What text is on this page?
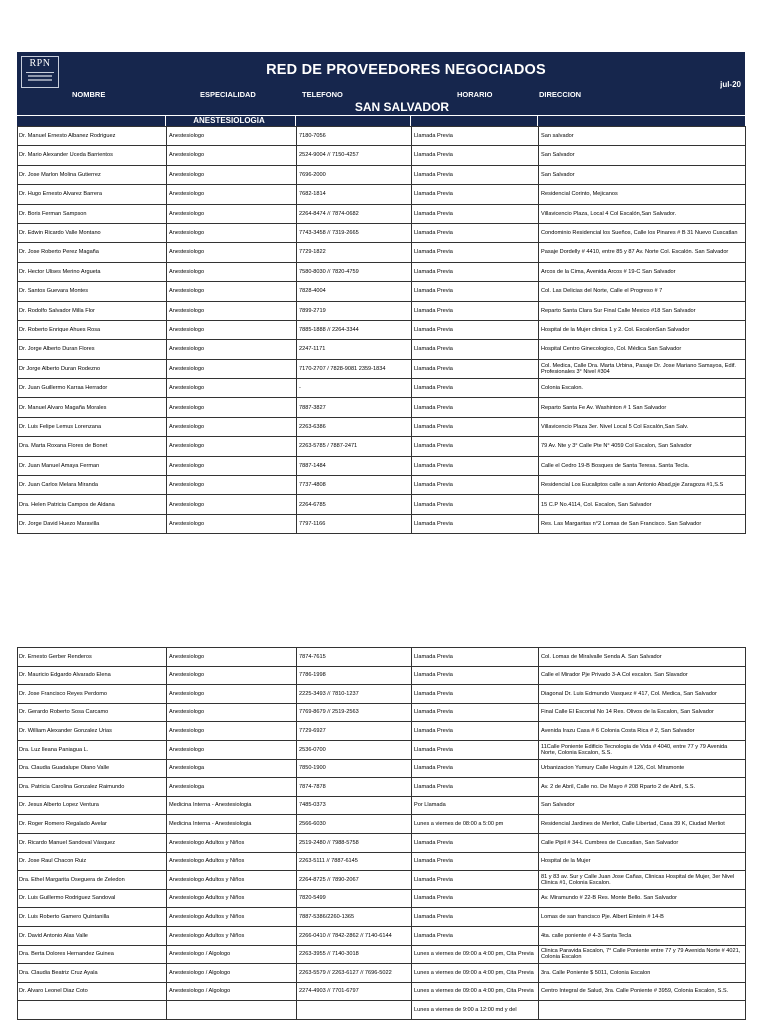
RPN	RED DE PROVEEDORES NEGOCIADOS
jul-20
NOMBRE	ESPECIALIDAD	TELEFONO	HORARIO	DIRECCION
SAN SALVADOR
ANESTESIOLOGIA
Dr. Manuel Ernesto Albanez Rodriguez	Anestesiologo	7180-7056	Llamada Previa	San salvador
Dr. Mario Alexander Uceda Barrientos	Anestesiologo	2524-9004 // 7150-4257	Llamada Previa	San Salvador
Dr. Jose Marlon Molina Gutierrez	Anestesiologo	7696-2000	Llamada Previa	San Salvador
Dr. Hugo Ernesto Alvarez Barrera	Anestesiologo	7682-1814	Llamada Previa	Residencial Corinto, Mejicanos
Dr. Boris Ferman Sampson	Anestesiologo	2264-8474 // 7874-0682	Llamada Previa	Villavicencio Plaza, Local 4 Col Escalón,San Salvador.
Dr. Edwin Ricardo Valle Montano	Anestesiologo	7743-3458 // 7319-2665	Llamada Previa	Condominio Residencial los Sueños, Calle los Pinares # B 31 Nuevo Cuscatlan
Dr. Jose Roberto Perez Magaña	Anestesiologo	7729-1822	Llamada Previa	Pasaje Dordelly # 4410, entre 85 y 87 Av. Norte Col. Escalón. San Salvador
Dr. Hector Ulises Merino Argueta	Anestesiologo	7580-8030 // 7820-4759	Llamada Previa	Arcos de la Cima, Avenida Arcos # 19-C San Salvador
Dr. Santos Guevara Montes	Anestesiologo	7828-4004	Llamada Previa	Col. Las Delicias del Norte, Calle el Progreso # 7
Dr. Rodolfo Salvador Milla Flor	Anestesiologo	7899-2719	Llamada Previa	Reparto Santa Clara Sur Final Calle Mexico #18 San Salvador
Dr. Roberto Enrique Ahues Rosa	Anestesiologo	7885-1888 // 2264-3344	Llamada Previa	Hospital de la Mujer clinica 1 y 2. Col. EscalonSan Salvador
Dr. Jorge Alberto Duran Flores	Anestesiologo	2247-1171	Llamada Previa	Hospital Centro Ginecologico, Col. Médica San Salvador
Dr Jorge Alberto Duran Rodezno	Anestesiologo	7170-2707 / 7828-9081 2359-1834	Llamada Previa	Col. Medica, Calle Dra. Marta Urbina, Pasaje Dr. Jose Mariano Samayoa, Edif. Profesionales 3° Nivel #304
Dr. Juan Guillermo Karraa Herrador	Anestesiologo	-	Llamada Previa	Colonia Escalon.
Dr. Manuel Alvaro Magaña Morales	Anestesiologo	7887-3827	Llamada Previa	Reparto Santa Fe Av. Washinton # 1 San Salvador
Dr. Luis Felipe Lemus Lorenzana	Anestesiologo	2263-6386	Llamada Previa	Villavicencio Plaza 3er. Nivel Local 5 Col Escalón,San Salv.
Dra. Marta Roxana Flores de Bonet	Anestesiologo	2263-5785 / 7887-2471	Llamada Previa	79 Av. Nte y 3° Calle Pte N° 4059 Col Escalon, San Salvador
Dr. Juan Manuel Amaya Ferman	Anestesiologo	7887-1484	Llamada Previa	Calle el Cedro 19-B Bosques de Santa Teresa. Santa Tecla.
Dr. Juan Carlos Melara Miranda	Anestesiologo	7737-4808	Llamada Previa	Residencial Los Eucaliptos calle a san Antonio Abad,pje Zaragoza #1,S.S
Dra. Helen Patricia Campos de Aldana	Anestesiologo	2264-6785	Llamada Previa	15 C.P No.4114, Col. Escalon, San Salvador
Dr. Jorge David Huezo Maravilla	Anestesiologo	7797-1166	Llamada Previa	Res. Las Margaritas n°2 Lomas de San Francisco. San Salvador
Dr. Ernesto Gerber Renderos	Anestesiologo	7874-7615	Llamada Previa	Col. Lomas de Miralvalle Senda A. San Salvador
Dr. Mauricio Edgardo Alvarado Elena	Anestesiologo	7786-1998	Llamada Previa	Calle el Mirador Pje Privado 3-A Col escalon. San Slavador
Dr. Jose Francisco Reyes Perdomo	Anestesiologo	2225-3493 // 7810-1237	Llamada Previa	Diagonal Dr. Luis Edmundo Vasquez # 417, Col. Medica, San Salvador
Dr. Gerardo Roberto Sosa Carcamo	Anestesiologo	7769-8679 // 2519-2563	Llamada Previa	Final Calle El Escorial No 14 Res. Olivos de la Escalon, San Salvador
Dr. William Alexander Gonzalez Urias	Anestesiologo	7729-6927	Llamada Previa	Avenida Irazu Casa # 6 Colonia Costa Rica # 2, San Salvador
Dra. Luz Ileana Paniagua L.	Anestesiologo	2536-0700	Llamada Previa	11Calle Poniente Edificio Tecnologia de Vida # 4040, entre 77 y 79 Avenida Norte, Colonia Escalon, S.S.
Dra. Claudia Guadalupe Olano Valle	Anestesiologa	7850-1900	Llamada Previa	Urbanizacion Yumury Calle Hoguin # 126, Col. Miramonte
Dra. Patricia Carolina Gonzalez Raimundo	Anestesiologa	7874-7878	Llamada Previa	Av. 2 de Abril, Calle no. De Mayo # 208 Rparto 2 de Abril, S.S.
Dr. Jesus Alberto Lopez Ventura	Medicina Interna - Anestesiologia	7485-0373	Por Llamada	San Salvador
Dr. Roger Romero Regalado Avelar	Medicina Interna - Anestesiologia	2566-6030	Lunes a viernes de 08:00 a 5:00 pm	Residencial Jardines de Merliot, Calle Libertad, Casa 39 K, Ciudad Merliot
Dr. Ricardo Manuel Sandoval Vásquez	Anestesiologo Adultos y Niños	2519-2480 // 7988-5758	Llamada Previa	Calle Pipil # 34-L Cumbres de Cuscatlan, San Salvador
Dr. Jose Raul Chacon Ruiz	Anestesiologo Adultos y Niños	2263-5111 // 7887-6145	Llamada Previa	Hospital de la Mujer
Dra. Ethel Margarita Oseguera de Zeledon	Anestesiologo Adultos y Niños	2264-8725 // 7890-2067	Llamada Previa	81 y 83 av. Sur y Calle Juan Jose Cañas, Clinicas Hospital de Mujer, 3er Nivel Clinica #1, Colonia Escalon.
Dr. Luis Guillermo Rodriguez Sandoval	Anestesiologo Adultos y Niños	7820-5499	Llamada Previa	Av. Miramundo # 22-B Res. Monte Bello. San Salvador
Dr. Luis Roberto Gamero Quintanilla	Anestesiologo Adultos y Niños	7887-5386/2260-1365	Llamada Previa	Lomas de san francisco Pje. Albert Eintein # 14-B
Dr. David Antonio Alas Valle	Anestesiologo Adultos y Niños	2266-0410 // 7842-2862 // 7140-6144	Llamada Previa	4ta. calle poniente # 4-3 Santa Tecla
Dra. Berta Dolores Hernandez Guinea	Anestesiologo / Algologo	2263-3955 // 7140-3018	Lunes a viernes de 09:00 a 4:00 pm, Cita Previa	Clinica Paravida Escalon, 7° Calle Poniente entre 77 y 79 Avenida Norte # 4021, Colonia Escalon
Dra. Claudia Beatriz Cruz Ayala	Anestesiologo / Algologo	2263-5579 // 2263-6127 // 7696-5022	Lunes a viernes de 09:00 a 4:00 pm, Cita Previa	3ra. Calle Poniente $ 5011, Colonia Escalon
Dr. Alvaro Leonel Diaz Coto	Anestesiologo / Algologo	2274-4903 // 7701-6797	Lunes a viernes de 09:00 a 4:00 pm, Cita Previa	Centro Integral de Salud, 3ra. Calle Poniente # 3959, Colonia Escalon, S.S.
			Lunes a viernes de 9:00 a 12:00 md y del	
